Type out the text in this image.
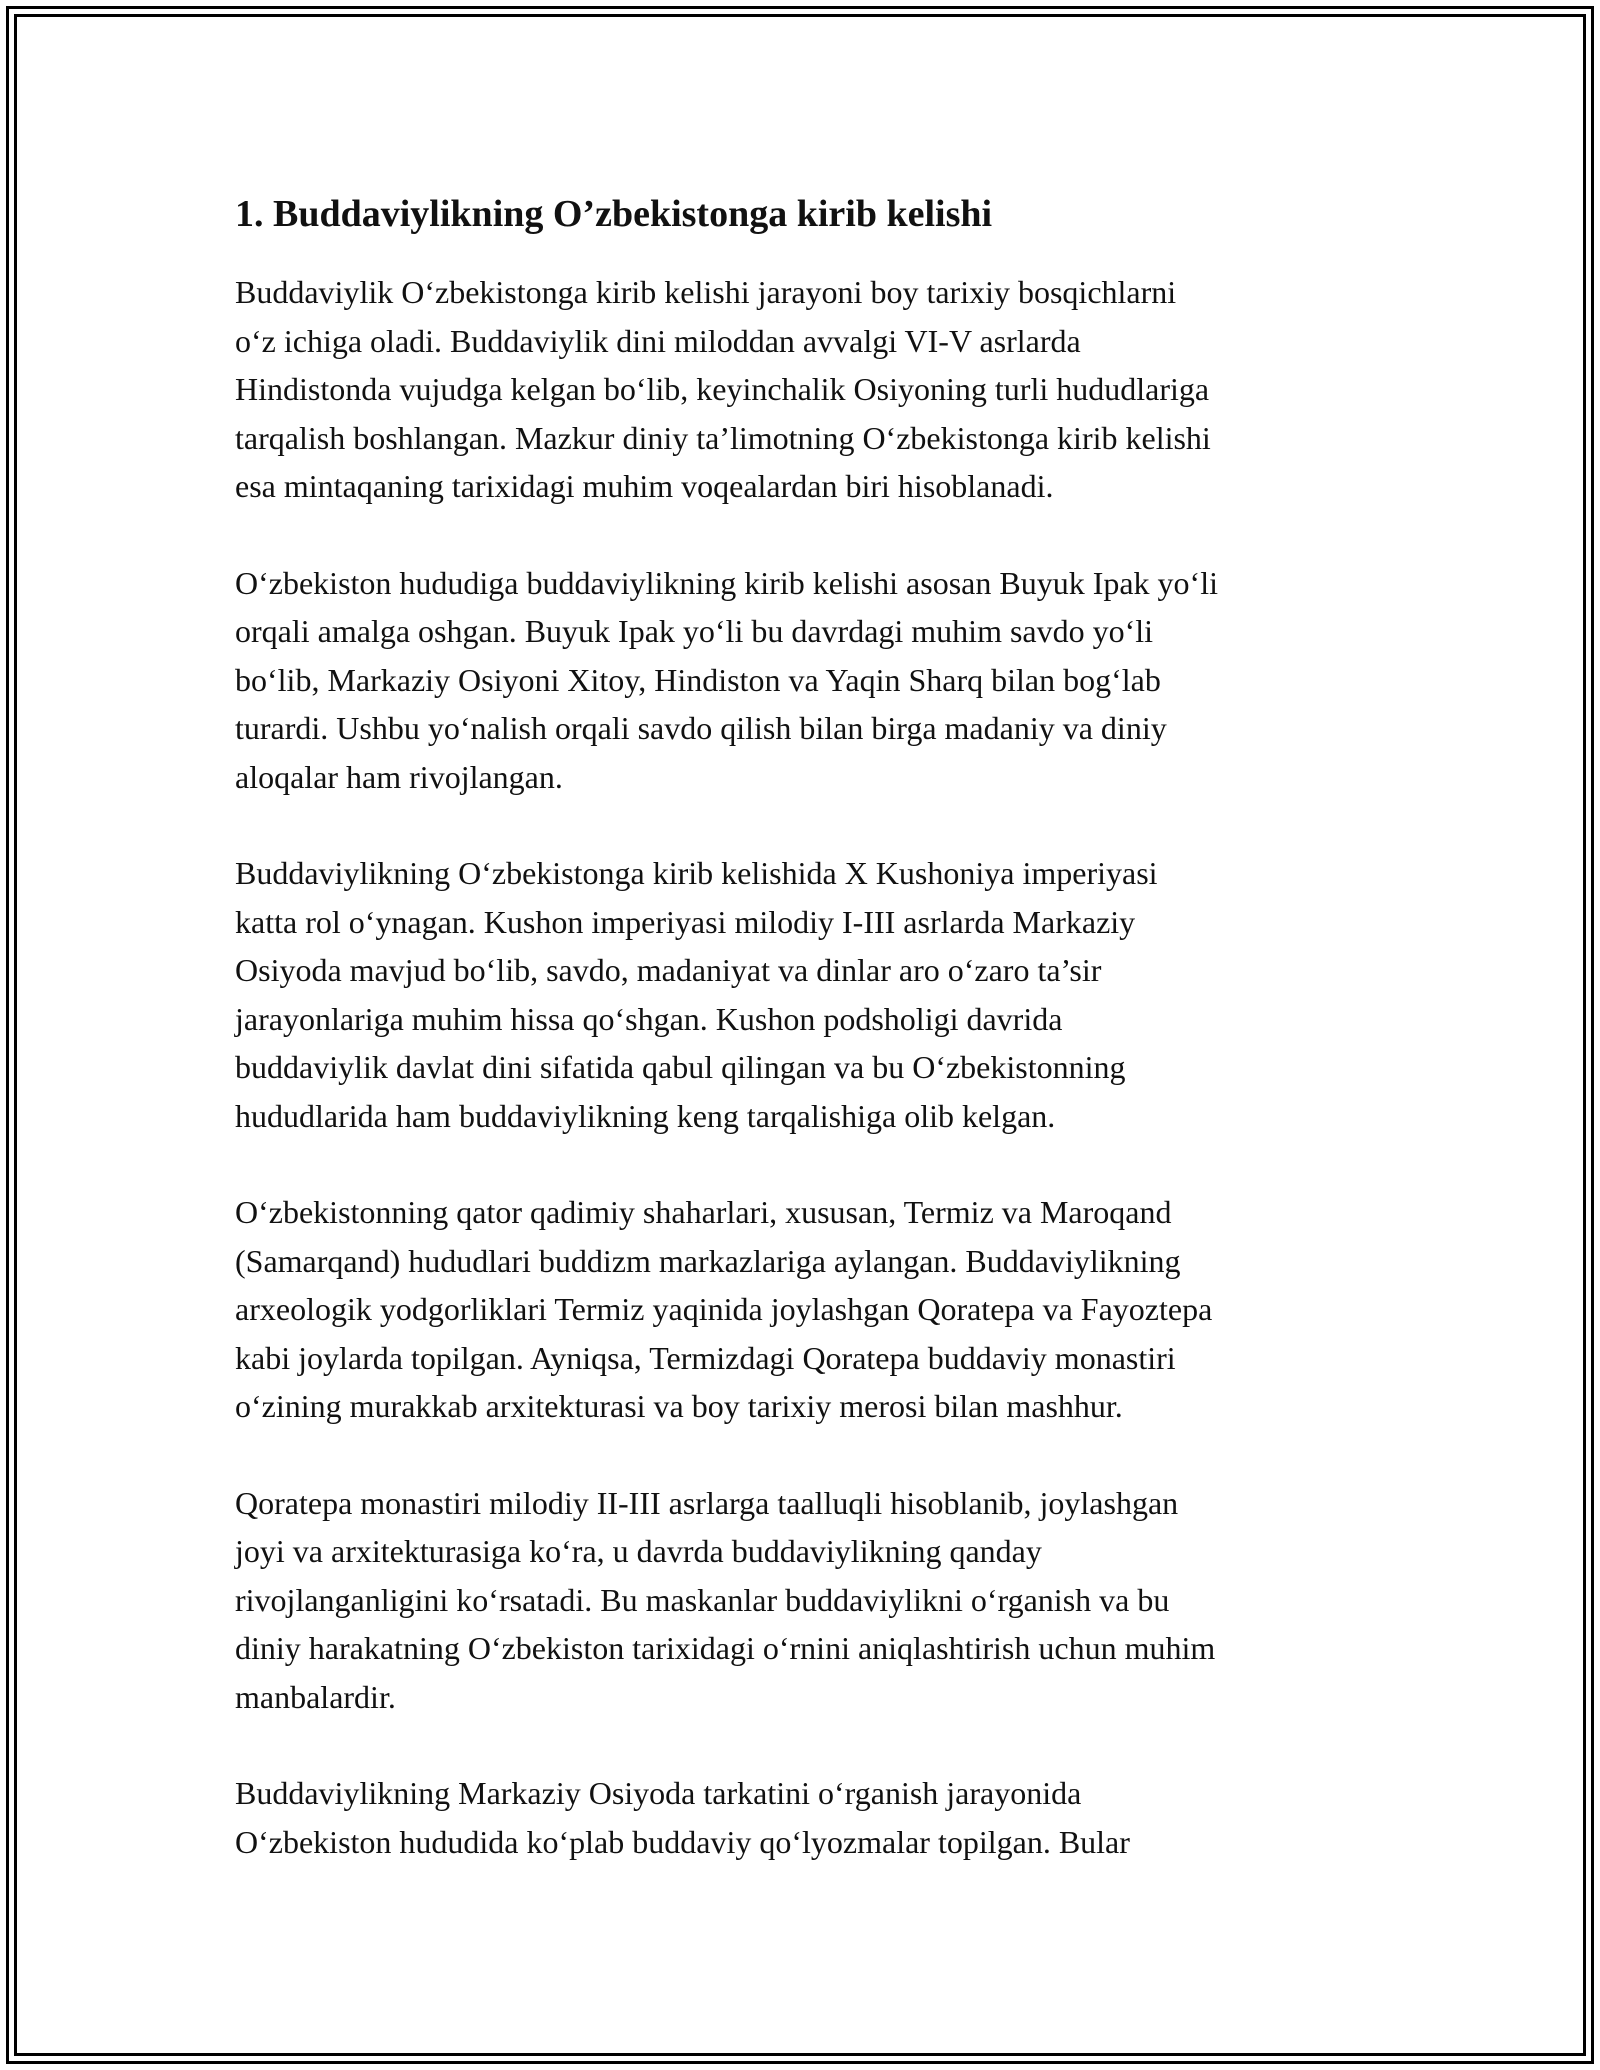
1. Buddaviylikning O’zbekistonga kirib kelishi

Buddaviylik O‘zbekistonga kirib kelishi jarayoni boy tarixiy bosqichlarni
o‘z ichiga oladi. Buddaviylik dini miloddan avvalgi VI-V asrlarda
Hindistonda vujudga kelgan bo‘lib, keyinchalik Osiyoning turli hududlariga
tarqalish boshlangan. Mazkur diniy ta’limotning O‘zbekistonga kirib kelishi
esa mintaqaning tarixidagi muhim voqealardan biri hisoblanadi.

O‘zbekiston hududiga buddaviylikning kirib kelishi asosan Buyuk Ipak yo‘li
orqali amalga oshgan. Buyuk Ipak yo‘li bu davrdagi muhim savdo yo‘li
bo‘lib, Markaziy Osiyoni Xitoy, Hindiston va Yaqin Sharq bilan bog‘lab
turardi. Ushbu yo‘nalish orqali savdo qilish bilan birga madaniy va diniy
aloqalar ham rivojlangan.

Buddaviylikning O‘zbekistonga kirib kelishida X Kushoniya imperiyasi
katta rol o‘ynagan. Kushon imperiyasi milodiy I-III asrlarda Markaziy
Osiyoda mavjud bo‘lib, savdo, madaniyat va dinlar aro o‘zaro ta’sir
jarayonlariga muhim hissa qo‘shgan. Kushon podsholigi davrida
buddaviylik davlat dini sifatida qabul qilingan va bu O‘zbekistonning
hududlarida ham buddaviylikning keng tarqalishiga olib kelgan.

O‘zbekistonning qator qadimiy shaharlari, xususan, Termiz va Maroqand
(Samarqand) hududlari buddizm markazlariga aylangan. Buddaviylikning
arxeologik yodgorliklari Termiz yaqinida joylashgan Qoratepa va Fayoztepa
kabi joylarda topilgan. Ayniqsa, Termizdagi Qoratepa buddaviy monastiri
o‘zining murakkab arxitekturasi va boy tarixiy merosi bilan mashhur.

Qoratepa monastiri milodiy II-III asrlarga taalluqli hisoblanib, joylashgan
joyi va arxitekturasiga ko‘ra, u davrda buddaviylikning qanday
rivojlanganligini ko‘rsatadi. Bu maskanlar buddaviylikni o‘rganish va bu
diniy harakatning O‘zbekiston tarixidagi o‘rnini aniqlashtirish uchun muhim
manbalardir.

Buddaviylikning Markaziy Osiyoda tarkatini o‘rganish jarayonida
O‘zbekiston hududida ko‘plab buddaviy qo‘lyozmalar topilgan. Bular
